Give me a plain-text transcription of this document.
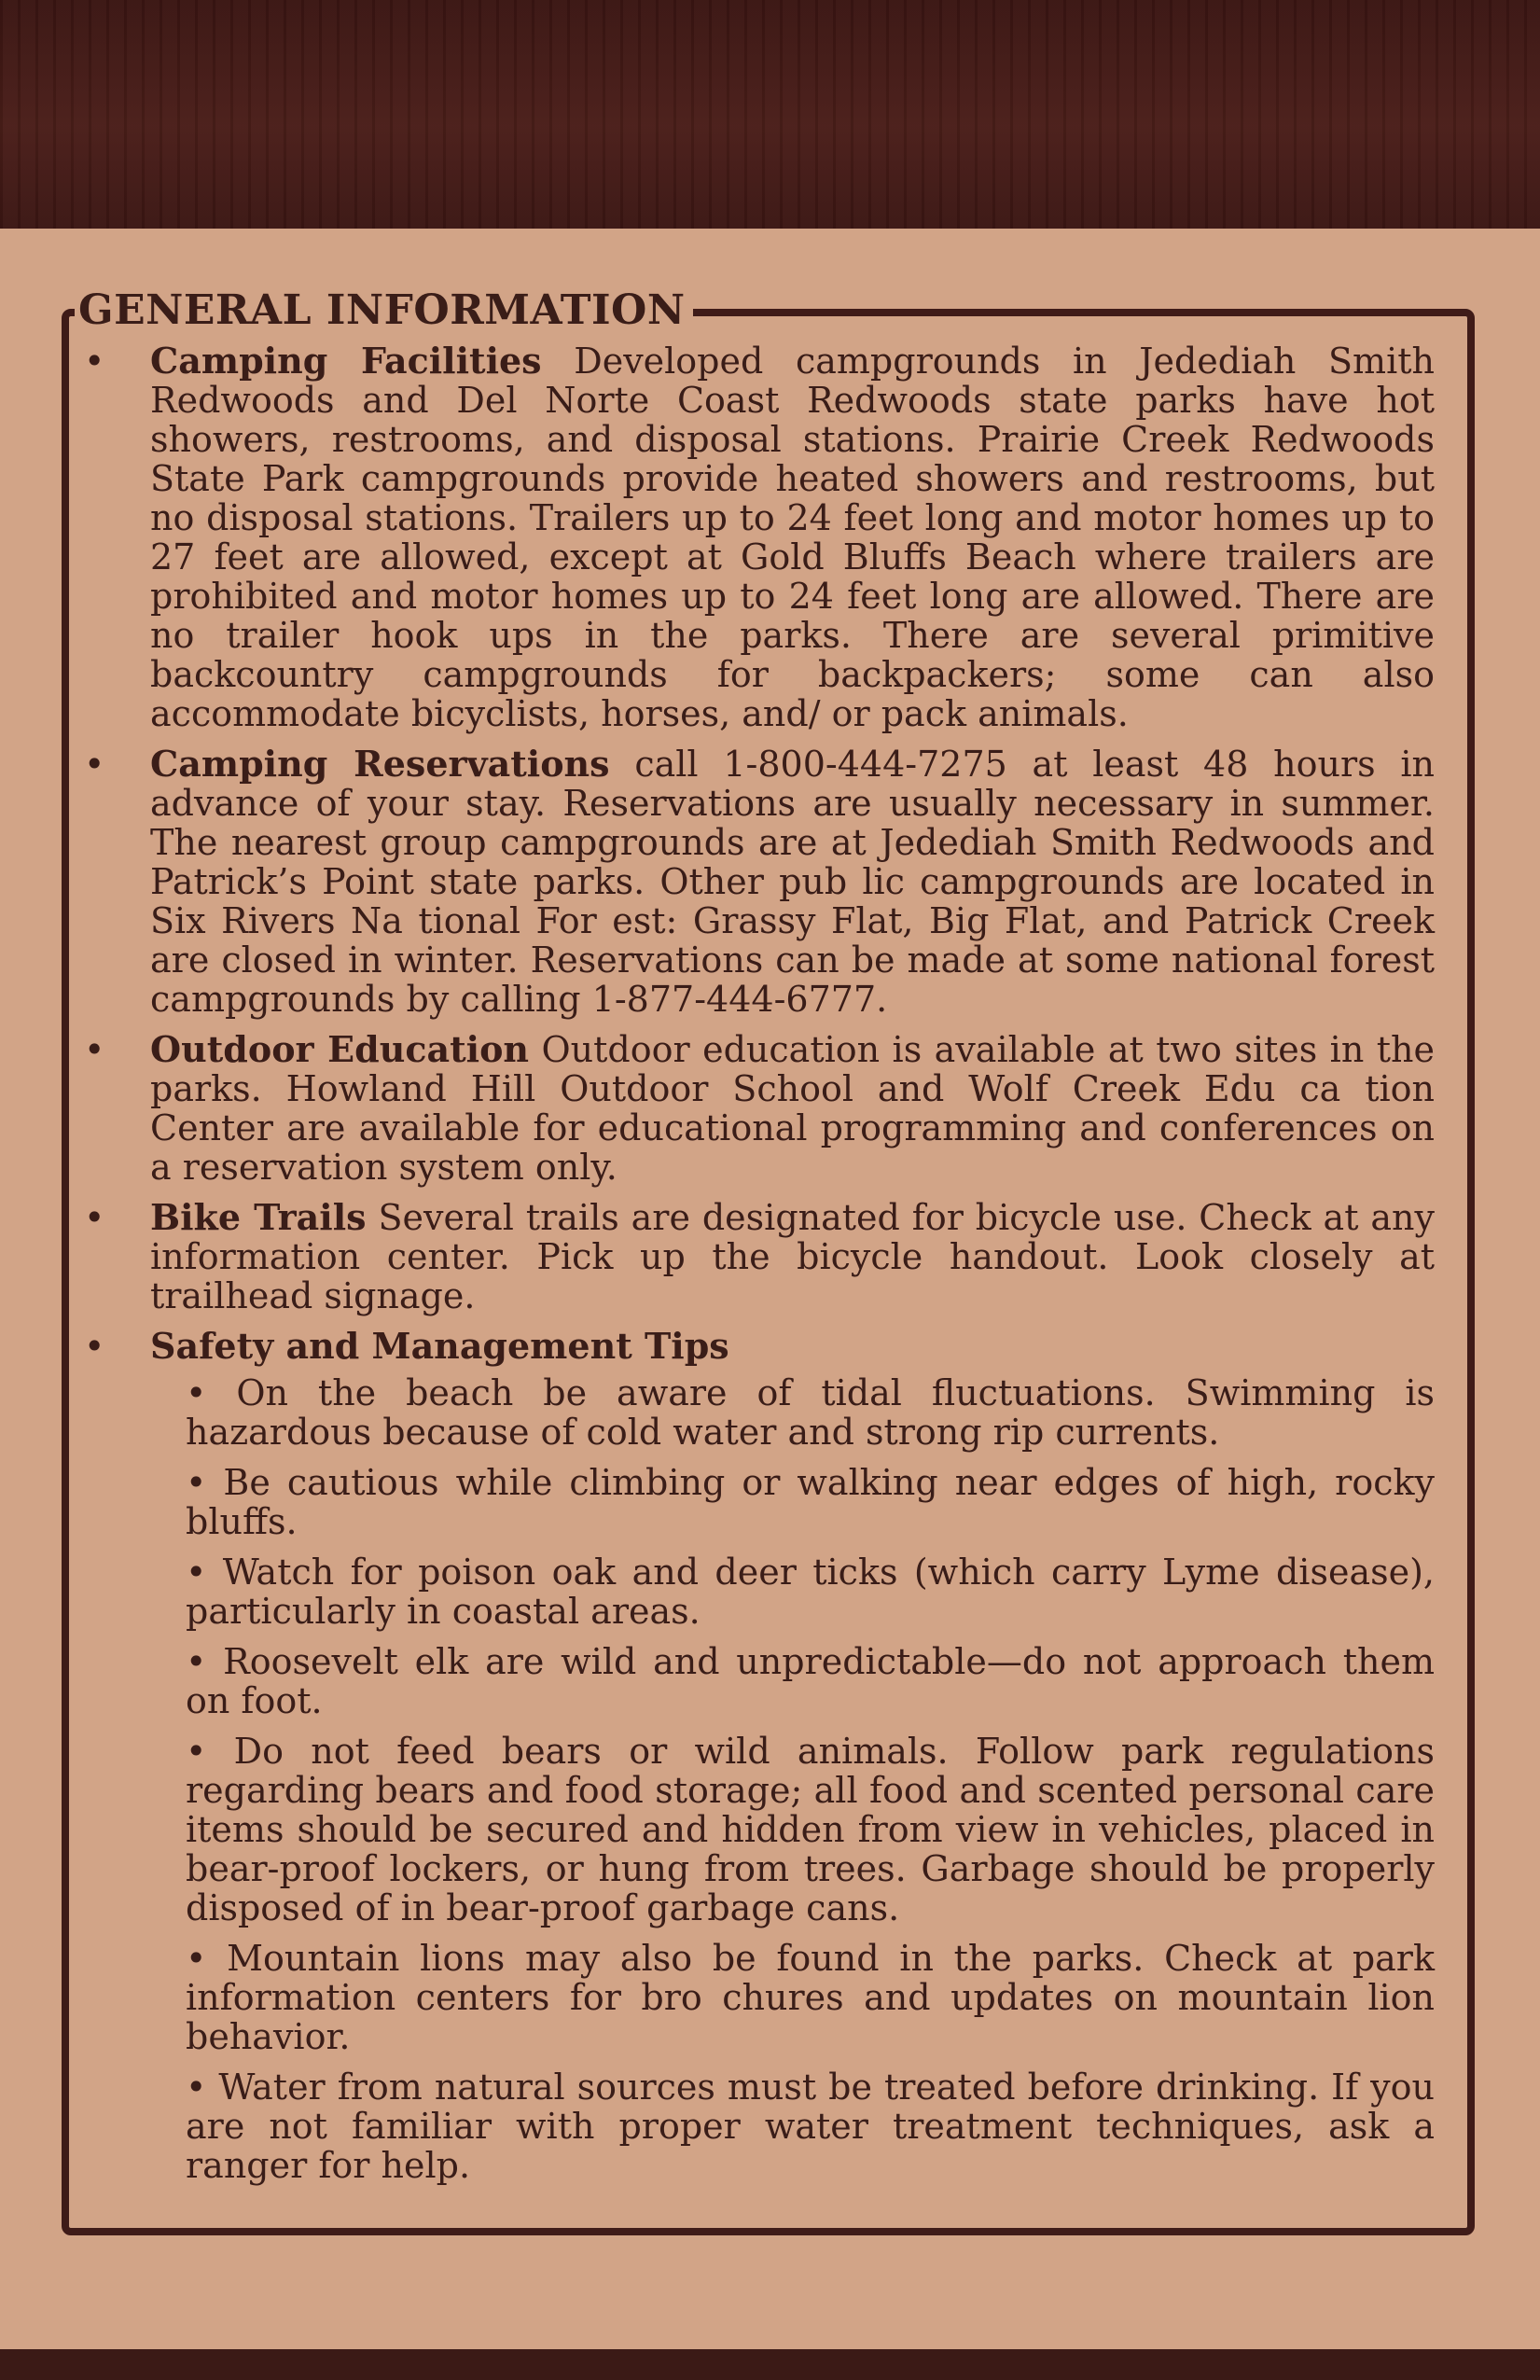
GENERAL INFORMATION
• Camping Facilities Developed campgrounds in Jedediah Smith Redwoods and Del Norte Coast Redwoods state parks have hot showers, restrooms, and disposal stations. Prairie Creek Redwoods State Park campgrounds provide heated showers and restrooms, but no disposal stations. Trailers up to 24 feet long and motor homes up to 27 feet are allowed, except at Gold Bluffs Beach where trailers are prohibited and motor homes up to 24 feet long are allowed. There are no trailer hook ups in the parks. There are several primitive backcountry campgrounds for backpackers; some can also accommodate bicyclists, horses, and/ or pack animals.
• Camping Reservations call 1-800-444-7275 at least 48 hours in advance of your stay. Reservations are usually necessary in summer. The nearest group campgrounds are at Jedediah Smith Redwoods and Patrick’s Point state parks. Other pub lic campgrounds are located in Six Rivers Na tional For est: Grassy Flat, Big Flat, and Patrick Creek are closed in winter. Reservations can be made at some national forest campgrounds by calling 1-877-444-6777.
• Outdoor Education Outdoor education is available at two sites in the parks. Howland Hill Outdoor School and Wolf Creek Edu ca tion Center are available for educational programming and conferences on a reservation system only.
• Bike Trails Several trails are designated for bicycle use. Check at any information center. Pick up the bicycle handout. Look closely at trailhead signage.
• Safety and Management Tips
• On the beach be aware of tidal fluctuations. Swimming is hazardous because of cold water and strong rip currents.
• Be cautious while climbing or walking near edges of high, rocky bluffs.
• Watch for poison oak and deer ticks (which carry Lyme disease), particularly in coastal areas.
• Roosevelt elk are wild and unpredictable—do not approach them on foot.
• Do not feed bears or wild animals. Follow park regulations regarding bears and food storage; all food and scented personal care items should be secured and hidden from view in vehicles, placed in bear-proof lockers, or hung from trees. Garbage should be properly disposed of in bear-proof garbage cans.
• Mountain lions may also be found in the parks. Check at park information centers for bro chures and updates on mountain lion behavior.
• Water from natural sources must be treated before drinking. If you are not familiar with proper water treatment techniques, ask a ranger for help.
